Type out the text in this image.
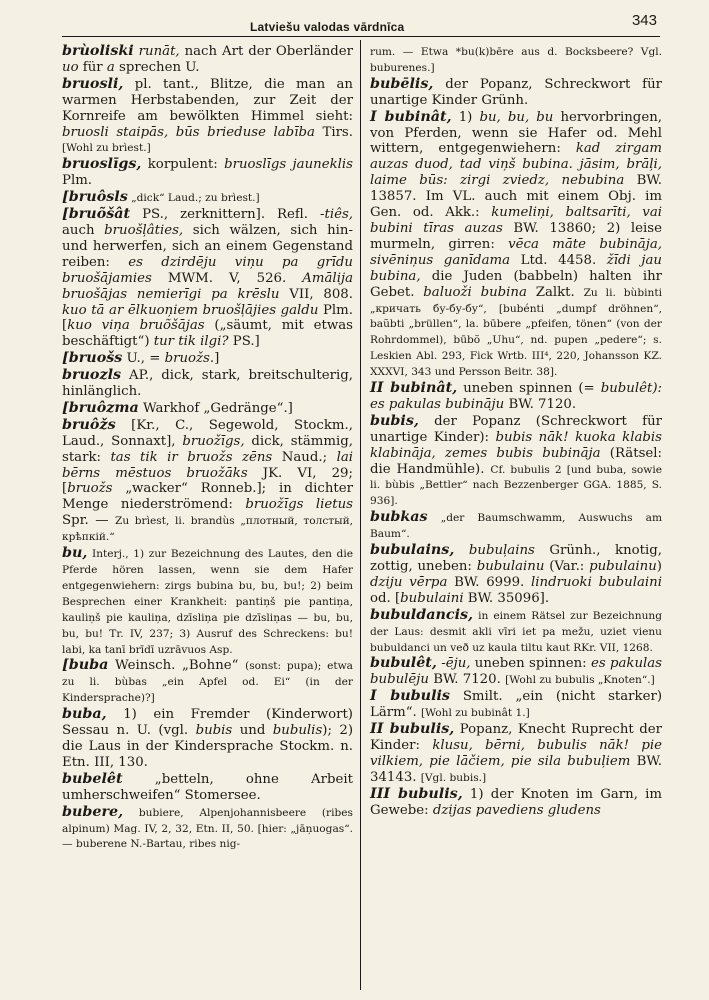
Latviešu valodas vārdnīca	343

brùoliski runāt, nach Art der Oberländer uo für a sprechen U.

bruosli, pl. tant., Blitze, die man an warmen Herbstabenden, zur Zeit der Kornreife am bewölkten Himmel sieht: bruosli staipās, būs brieduse labība Tirs. [Wohl zu brìest.]

bruoslīgs, korpulent: bruoslīgs jauneklis Plm.

[bruôsls „dick“ Laud.; zu brìest.]

[bruõšât PS., zerknittern]. Refl. -tiês, auch bruošļâties, sich wälzen, sich hin- und herwerfen, sich an einem Gegenstand reiben: es dzirdēju viņu pa grīdu bruošājamies MWM. V, 526. Amālija bruošājas nemierīgi pa krēslu VII, 808. kuo tā ar ēlkuoņiem bruošļājies galdu Plm. [kuo viņa bruõšājas („säumt, mit etwas beschäftigt“) tur tik ilgi? PS.]

[bruošs U., = bruožs.]

bruozls AP., dick, stark, breitschulterig, hinlänglich.

[bruôzma Warkhof „Gedränge“.]

bruôžs [Kr., C., Segewold, Stockm., Laud., Sonnaxt], bruožīgs, dick, stämmig, stark: tas tik ir bruožs zēns Naud.; lai bērns mēstuos bruožāks JK. VI, 29; [bruožs „wacker“ Ronneb.]; in dichter Menge niederströmend: bruožīgs lietus Spr. — Zu brìest, li. brandùs „плотный, толстый, крѣпкій.“

bu, Interj., 1) zur Bezeichnung des Lautes, den die Pferde hören lassen, wenn sie dem Hafer entgegenwiehern: zirgs bubina bu, bu, bu!; 2) beim Besprechen einer Krankheit: pantiņš pie pantiņa, kauliņš pie kauliņa, dzīsliņa pie dzīsliņas — bu, bu, bu, bu! Tr. IV, 237; 3) Ausruf des Schreckens: bu! labi, ka tanī brīdī uzrāvuos Asp.

[buba Weinsch. „Bohne“ (sonst: pupa); etwa zu li. bùbas „ein Apfel od. Ei“ (in der Kindersprache)?]

buba, 1) ein Fremder (Kinderwort) Sessau n. U. (vgl. bubis und bubulis); 2) die Laus in der Kindersprache Stockm. n. Etn. III, 130.

bubelêt „betteln, ohne Arbeit umherschweifen“ Stomersee.

bubere, bubiere, Alpenjohannisbeere (ribes alpinum) Mag. IV, 2, 32, Etn. II, 50. [hier: „jāņuogas“. — buberene N.-Bartau, ribes nig-

rum. — Etwa *bu(k)bēre aus d. Bocksbeere? Vgl. buburenes.]

bubēlis, der Popanz, Schreckwort für unartige Kinder Grünh.

I bubinât, 1) bu, bu, bu hervorbringen, von Pferden, wenn sie Hafer od. Mehl wittern, entgegenwiehern: kad zirgam auzas duod, tad viņš bubina. jāsim, brāļi, laime būs: zirgi zviedz, nebubina BW. 13857. Im VL. auch mit einem Obj. im Gen. od. Akk.: kumeliņi, baltsarīti, vai bubini tīras auzas BW. 13860; 2) leise murmeln, girren: vēca māte bubināja, sivēniņus ganīdama Ltd. 4458. žīdi jau bubina, die Juden (babbeln) halten ihr Gebet. baluoži bubina Zalkt. Zu li. bùbinti „кричать бу-бу-бу“, [bubénti „dumpf dröhnen“, baũbti „brüllen“, la. būbere „pfeifen, tönen“ (von der Rohrdommel), būbõ „Uhu“, nd. pupen „pedere“; s. Leskien Abl. 293, Fick Wrtb. III⁴, 220, Johansson KZ. XXXVI, 343 und Persson Beitr. 38].

II bubinât, uneben spinnen (= bubulêt): es pakulas bubināju BW. 7120.

bubis, der Popanz (Schreckwort für unartige Kinder): bubis nāk! kuoka klabis klabināja, zemes bubis bubināja (Rätsel: die Handmühle). Cf. bubulis 2 [und buba, sowie li. bùbis „Bettler“ nach Bezzenberger GGA. 1885, S. 936].

bubkas „der Baumschwamm, Auswuchs am Baum“.

bubulains, bubuļains Grünh., knotig, zottig, uneben: bubulainu (Var.: pubulainu) dziju vērpa BW. 6999. lindruoki bubulaini od. [bubulaini BW. 35096].

bubuldancis, in einem Rätsel zur Bezeichnung der Laus: desmit akli vīri iet pa mežu, uziet vienu bubuldanci un veð uz kaula tiltu kaut RKr. VII, 1268.

bubulêt, -ēju, uneben spinnen: es pakulas bubulēju BW. 7120. [Wohl zu bubulis „Knoten“.]

I bubulis Smilt. „ein (nicht starker) Lärm“. [Wohl zu bubinât 1.]

II bubulis, Popanz, Knecht Ruprecht der Kinder: klusu, bērni, bubulis nāk! pie vilkiem, pie lāčiem, pie sila bubuļiem BW. 34143. [Vgl. bubis.]

III bubulis, 1) der Knoten im Garn, im Gewebe: dzijas pavediens gludens
